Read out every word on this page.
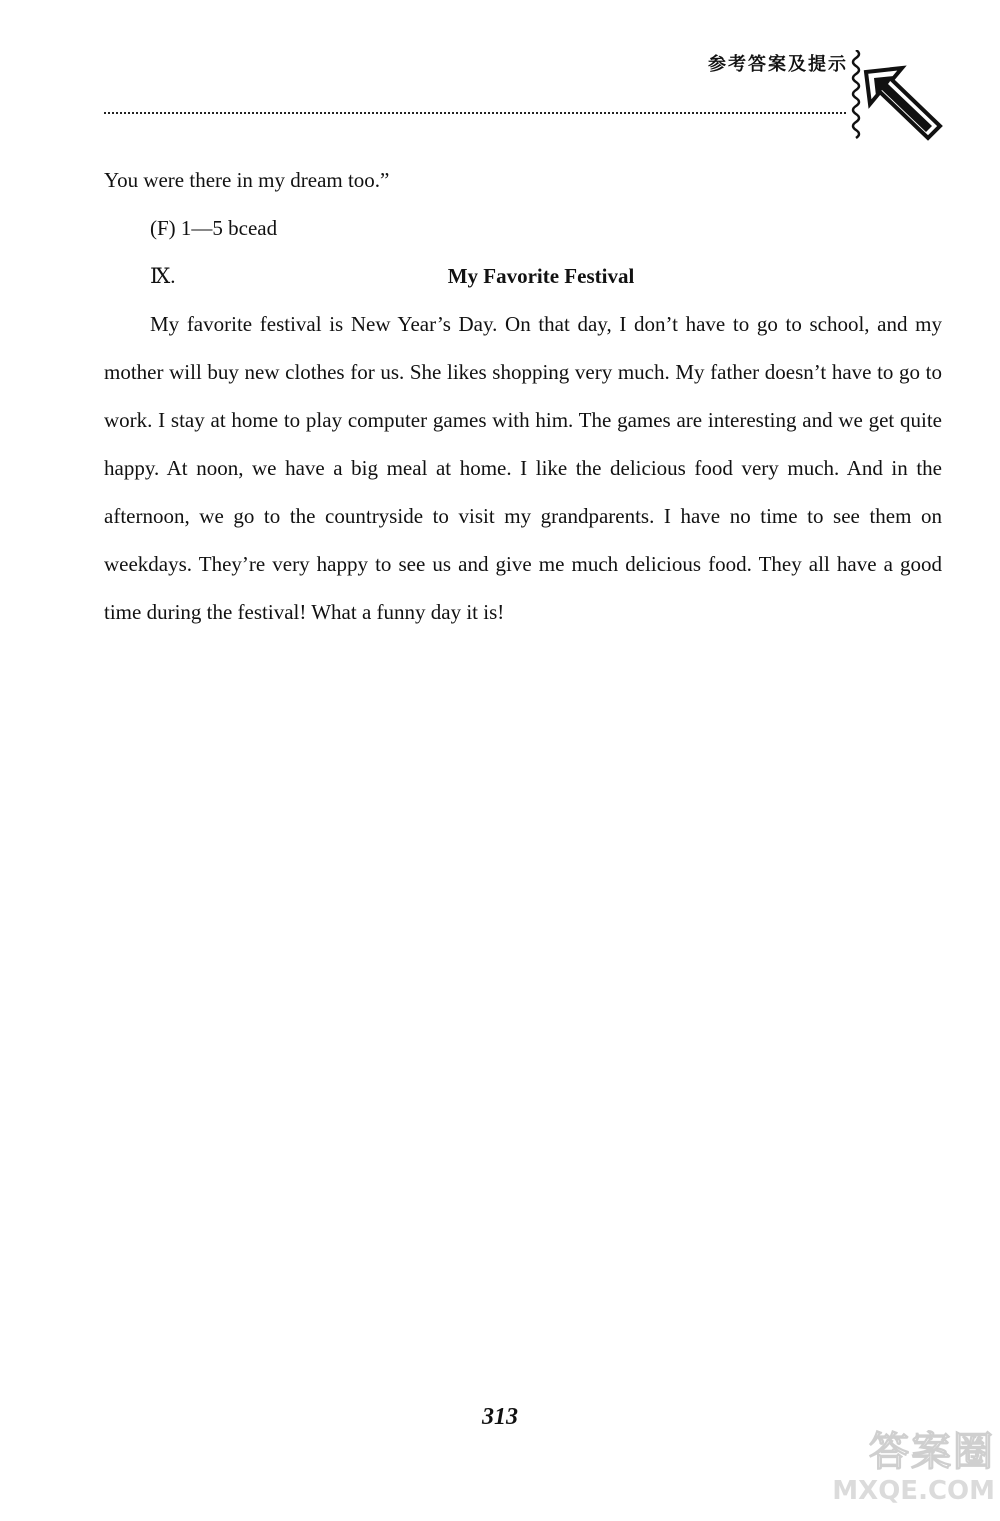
参考答案及提示

You were there in my dream too.”

(F) 1—5 bcead

Ⅸ.	My Favorite Festival

My favorite festival is New Year’s Day. On that day, I don’t have to go to school, and my mother will buy new clothes for us. She likes shopping very much. My father doesn’t have to go to work. I stay at home to play computer games with him. The games are interesting and we get quite happy. At noon, we have a big meal at home. I like the delicious food very much. And in the afternoon, we go to the countryside to visit my grandparents. I have no time to see them on weekdays. They’re very happy to see us and give me much delicious food. They all have a good time during the festival! What a funny day it is!

313
答案圈
MXQE.COM
